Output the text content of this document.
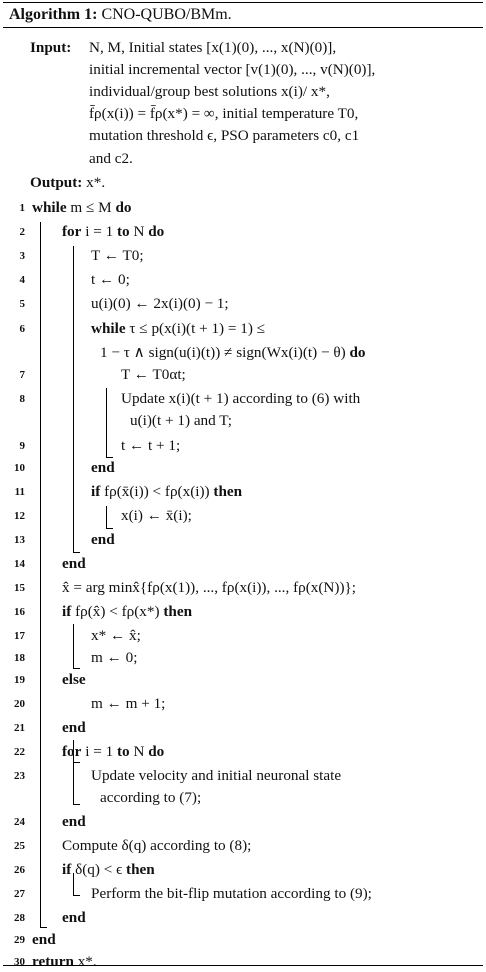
Algorithm 1: CNO-QUBO/BMm.
Input: N, M, Initial states [x(1)(0), ..., x(N)(0)],
initial incremental vector [v(1)(0), ..., v(N)(0)],
individual/group best solutions x(i)/ x*,
f̄ρ(x(i)) = f̄ρ(x*) = ∞, initial temperature T0,
mutation threshold ϵ, PSO parameters c0, c1
and c2.
Output: x*.
1 while m ≤ M do
2 for i = 1 to N do
3	T ← T0;
4	t ← 0;
5	u(i)(0) ← 2x(i)(0) − 1;
6	while τ ≤ p(x(i)(t + 1) = 1) ≤
1 − τ ∧ sign(u(i)(t)) ≠ sign(Wx(i)(t) − θ) do
7	T ← T0αt;
8	Update x(i)(t + 1) according to (6) with
u(i)(t + 1) and T;
9	t ← t + 1;
10	end
11	if fρ(x̄(i)) < fρ(x(i)) then
12	x(i) ← x̄(i);
13	end
14 end
15 x̂ = arg minx̂{fρ(x(1)), ..., fρ(x(i)), ..., fρ(x(N))};
16 if fρ(x̂) < fρ(x*) then
17	x* ← x̂;
18	m ← 0;
19 else
20	m ← m + 1;
21 end
22 for i = 1 to N do
23	Update velocity and initial neuronal state
according to (7);
24 end
25 Compute δ(q) according to (8);
26 if δ(q) < ϵ then
27	Perform the bit-flip mutation according to (9);
28 end
29 end
30 return x*.
